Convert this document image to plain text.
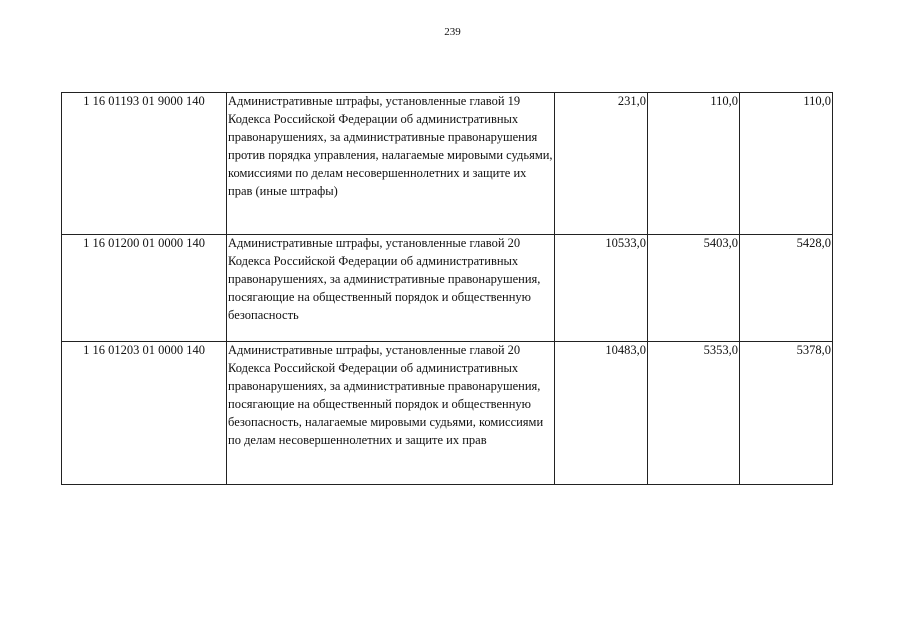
239
1 16 01193 01 9000 140	Административные штрафы, установленные главой 19 Кодекса Российской Федерации об административных правонарушениях, за административные правонарушения против порядка управления, налагаемые мировыми судьями, комиссиями по делам несовершеннолетних и защите их прав (иные штрафы)	231,0	110,0	110,0
1 16 01200 01 0000 140	Административные штрафы, установленные главой 20 Кодекса Российской Федерации об административных правонарушениях, за административные правонарушения, посягающие на общественный порядок и общественную безопасность	10533,0	5403,0	5428,0
1 16 01203 01 0000 140	Административные штрафы, установленные главой 20 Кодекса Российской Федерации об административных правонарушениях, за административные правонарушения, посягающие на общественный порядок и общественную безопасность, налагаемые мировыми судьями, комиссиями по делам несовершеннолетних и защите их прав	10483,0	5353,0	5378,0
